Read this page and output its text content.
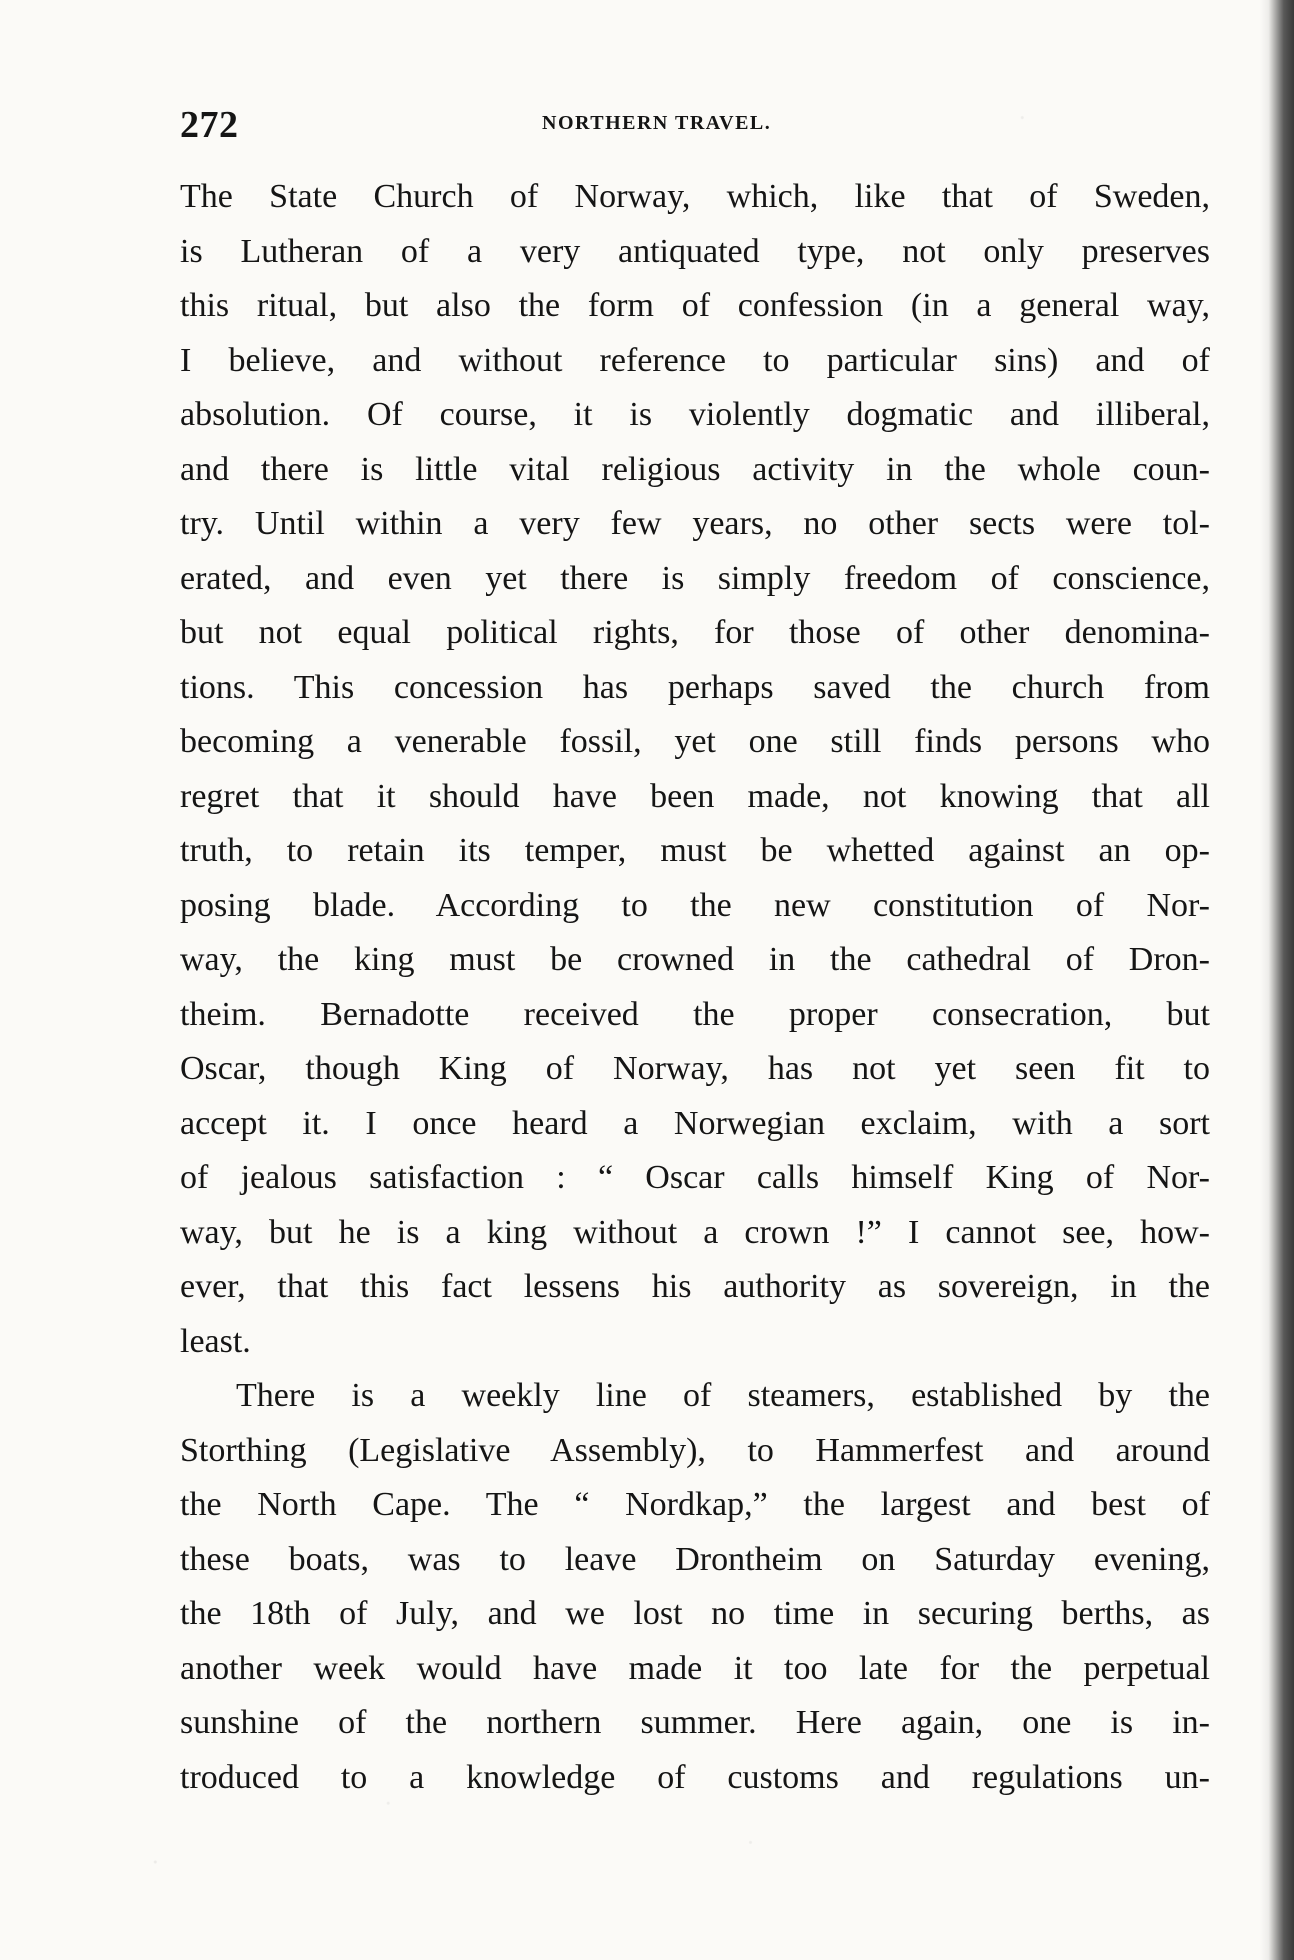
272	NORTHERN TRAVEL.
The State Church of Norway, which, like that of Sweden,
is Lutheran of a very antiquated type, not only preserves
this ritual, but also the form of confession (in a general way,
I believe, and without reference to particular sins) and of
absolution. Of course, it is violently dogmatic and illiberal,
and there is little vital religious activity in the whole coun-
try. Until within a very few years, no other sects were tol-
erated, and even yet there is simply freedom of conscience,
but not equal political rights, for those of other denomina-
tions. This concession has perhaps saved the church from
becoming a venerable fossil, yet one still finds persons who
regret that it should have been made, not knowing that all
truth, to retain its temper, must be whetted against an op-
posing blade. According to the new constitution of Nor-
way, the king must be crowned in the cathedral of Dron-
theim. Bernadotte received the proper consecration, but
Oscar, though King of Norway, has not yet seen fit to
accept it. I once heard a Norwegian exclaim, with a sort
of jealous satisfaction : “ Oscar calls himself King of Nor-
way, but he is a king without a crown !” I cannot see, how-
ever, that this fact lessens his authority as sovereign, in the
least.
There is a weekly line of steamers, established by the
Storthing (Legislative Assembly), to Hammerfest and around
the North Cape. The “ Nordkap,” the largest and best of
these boats, was to leave Drontheim on Saturday evening,
the 18th of July, and we lost no time in securing berths, as
another week would have made it too late for the perpetual
sunshine of the northern summer. Here again, one is in-
troduced to a knowledge of customs and regulations un-
